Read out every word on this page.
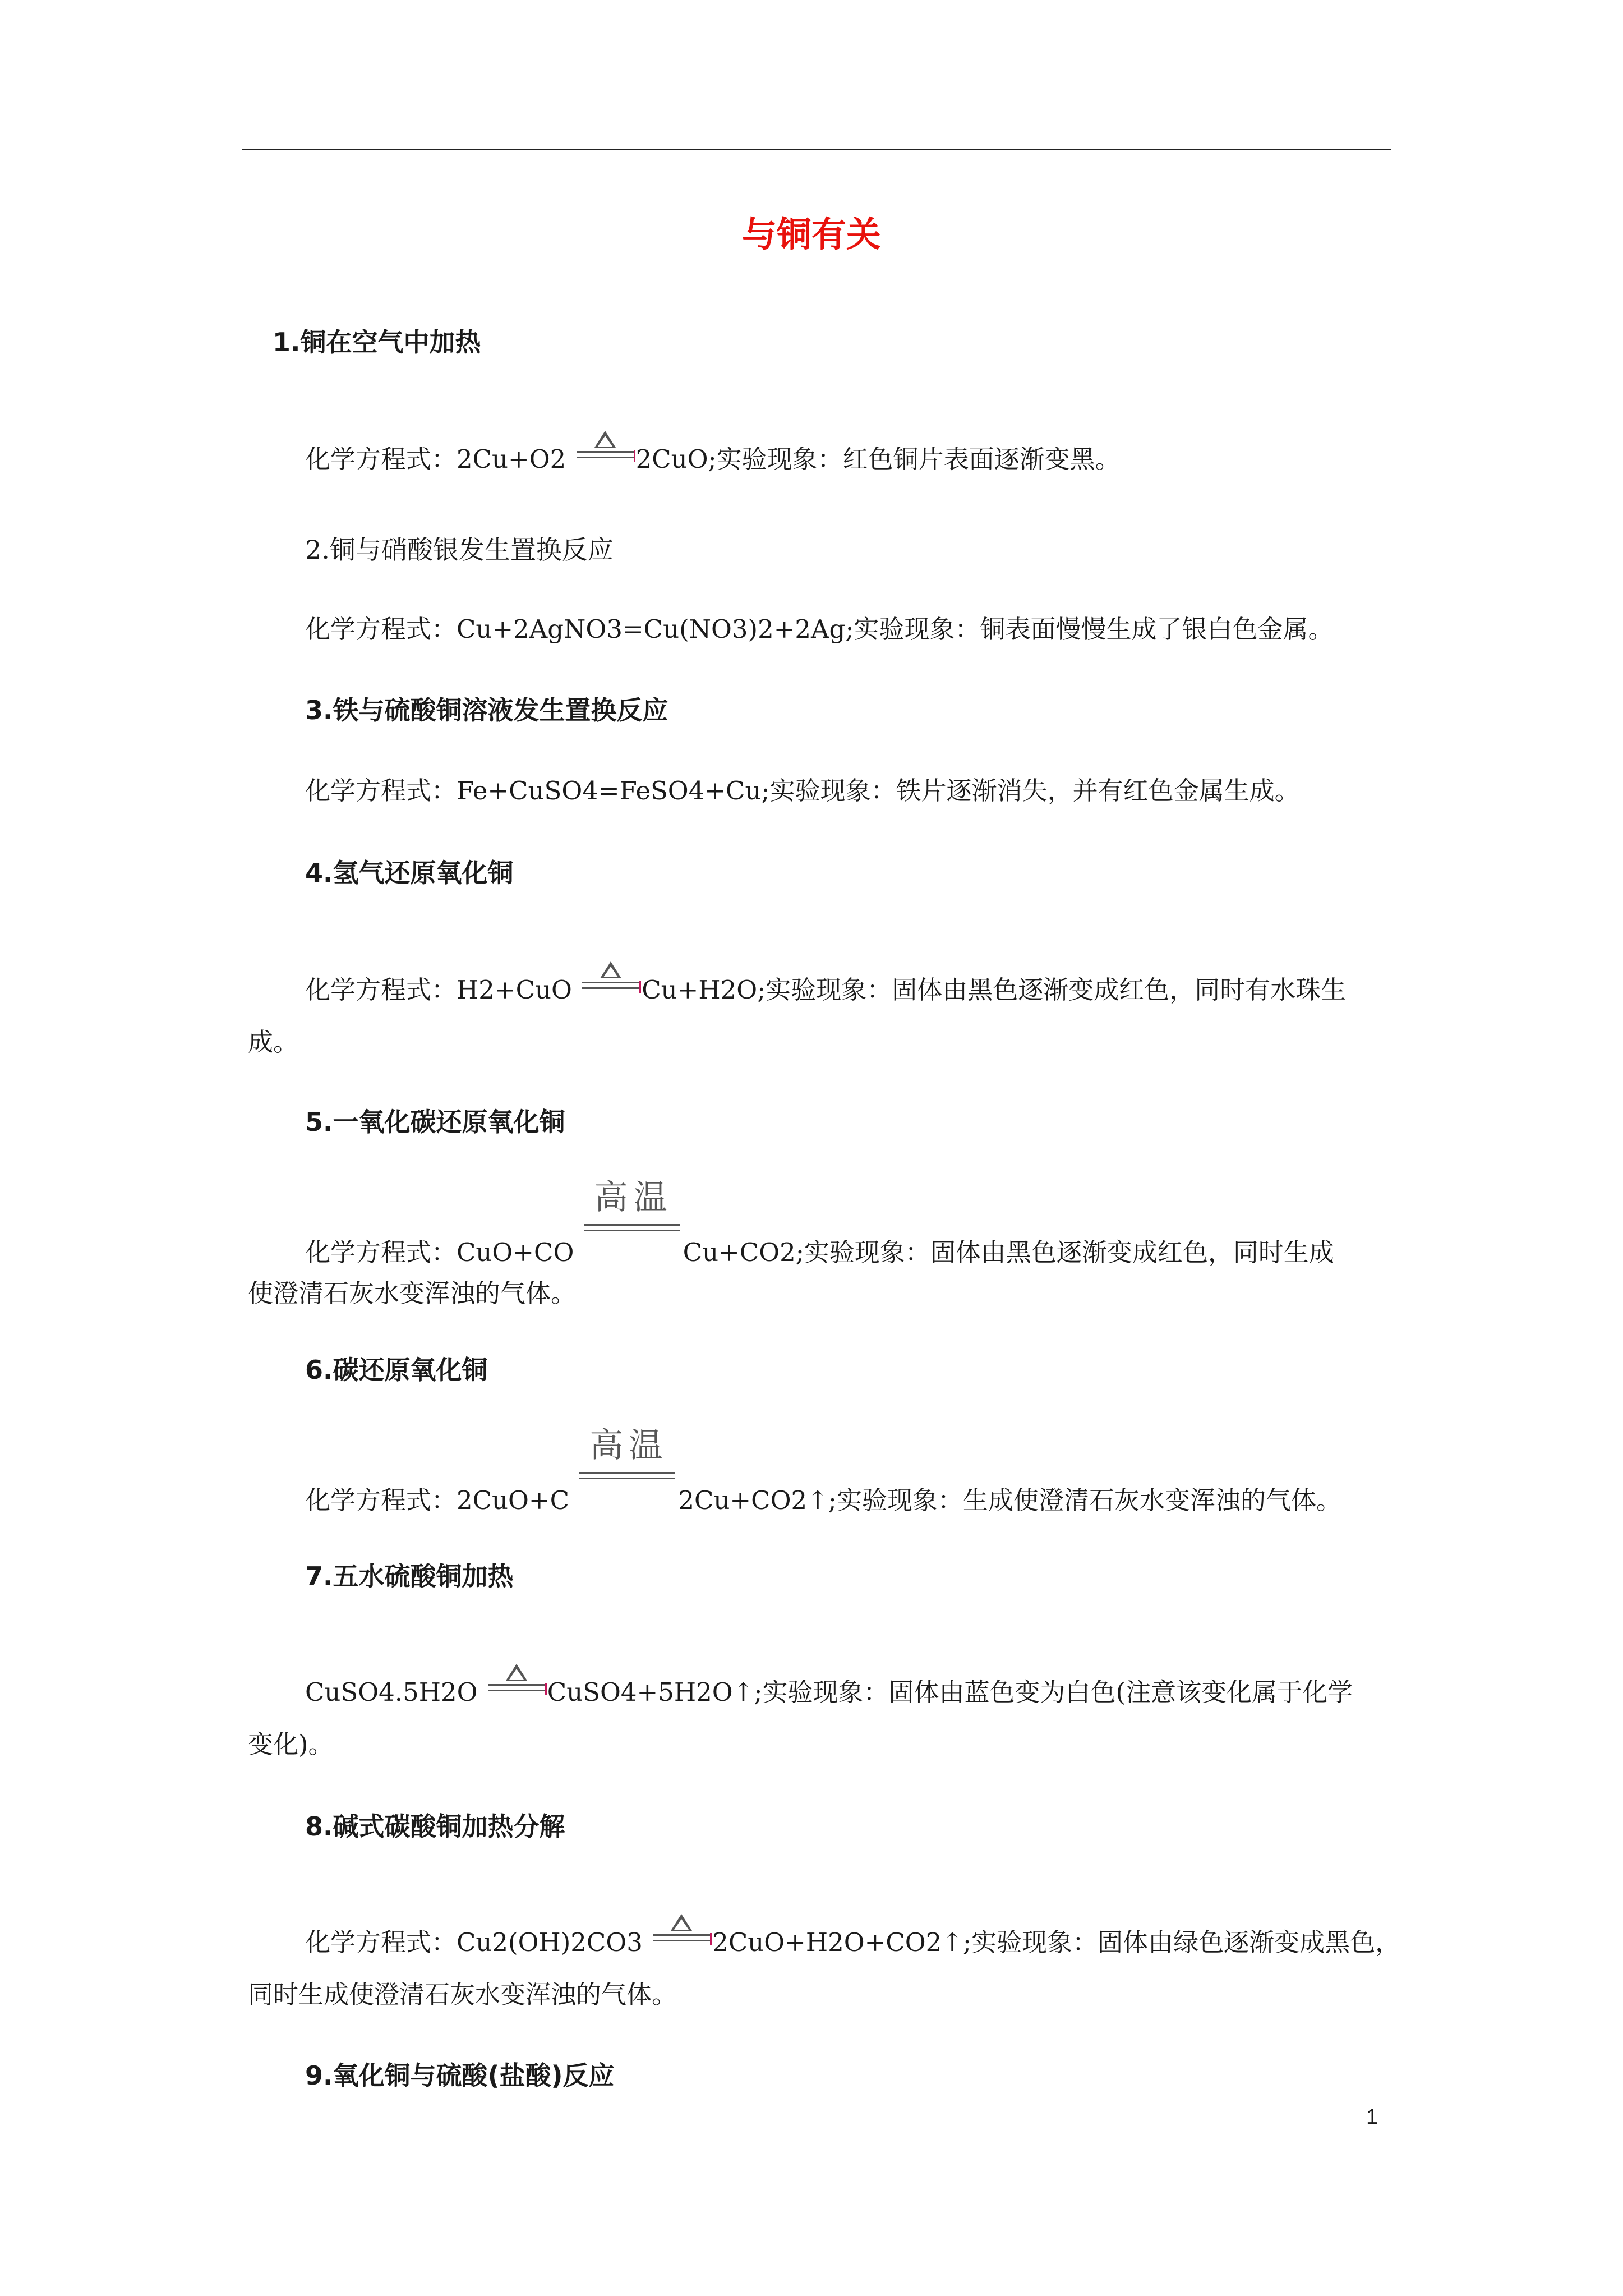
与铜有关
1.铜在空气中加热
化学方程式：2Cu+O2
2CuO;实验现象：红色铜片表面逐渐变黑。
2.铜与硝酸银发生置换反应
化学方程式：Cu+2AgNO3=Cu(NO3)2+2Ag;实验现象：铜表面慢慢生成了银白色金属。
3.铁与硫酸铜溶液发生置换反应
化学方程式：Fe+CuSO4=FeSO4+Cu;实验现象：铁片逐渐消失，并有红色金属生成。
4.氢气还原氧化铜
化学方程式：H2+CuO
Cu+H2O;实验现象：固体由黑色逐渐变成红色，同时有水珠生
成。
5.一氧化碳还原氧化铜
化学方程式：CuO+CO
高温
Cu+CO2;实验现象：固体由黑色逐渐变成红色，同时生成
使澄清石灰水变浑浊的气体。
6.碳还原氧化铜
化学方程式：2CuO+C
高温
2Cu+CO2↑;实验现象：生成使澄清石灰水变浑浊的气体。
7.五水硫酸铜加热
CuSO4.5H2O
CuSO4+5H2O↑;实验现象：固体由蓝色变为白色(注意该变化属于化学
变化)。
8.碱式碳酸铜加热分解
化学方程式：Cu2(OH)2CO3
2CuO+H2O+CO2↑;实验现象：固体由绿色逐渐变成黑色，
同时生成使澄清石灰水变浑浊的气体。
9.氧化铜与硫酸(盐酸)反应
1
